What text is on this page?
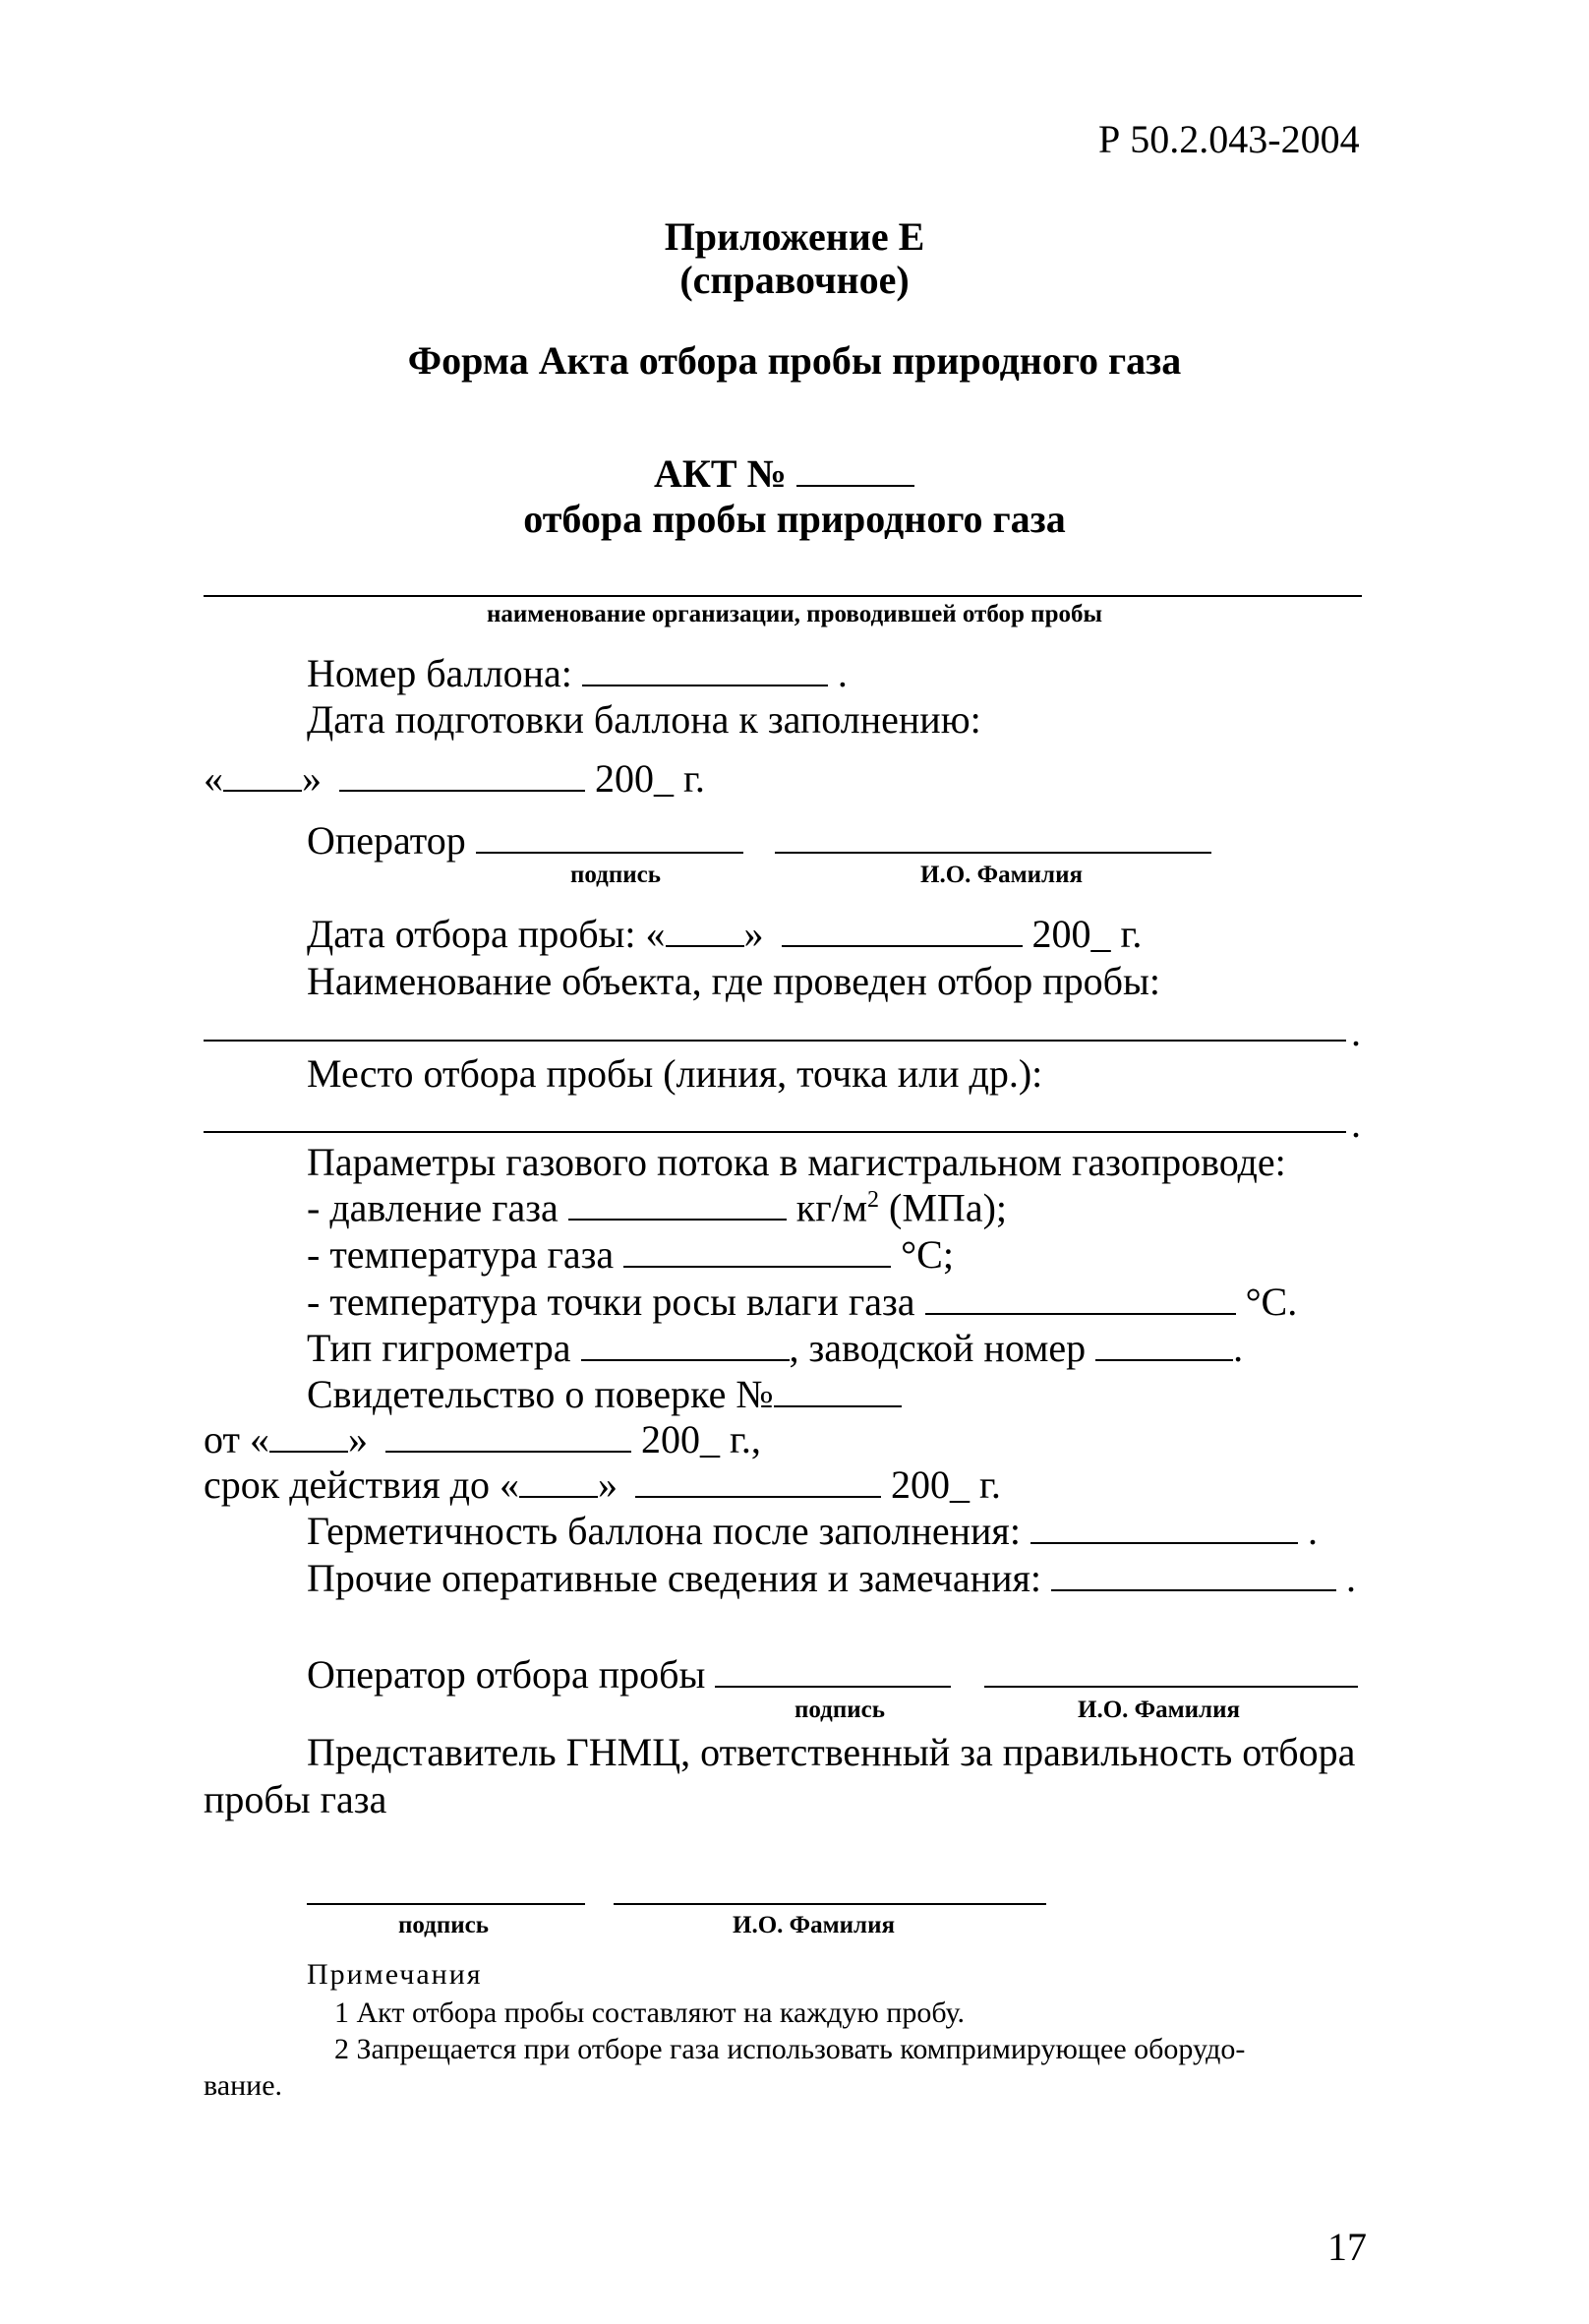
Р 50.2.043-2004
Приложение Е
(справочное)
Форма Акта отбора пробы природного газа
АКТ №
отбора пробы природного газа
наименование организации, проводившей отбор пробы
Номер баллона:	.
Дата подготовки баллона к заполнению:
« »	200_ г.
Оператор
подпись	И.О. Фамилия
Дата отбора пробы: « »	200_ г.
Наименование объекта, где проведен отбор пробы:
.
Место отбора пробы (линия, точка или др.):
.
Параметры газового потока в магистральном газопроводе:
- давление газа	$кг/м^2$ (МПа);
- температура газа	°С;
- температура точки росы влаги газа	°С.
Тип гигрометра	, заводской номер	.
Свидетельство о поверке №
от « »	200_ г.,
срок действия до « »	200_ г.
Герметичность баллона после заполнения:	.
Прочие оперативные сведения и замечания:	.
Оператор отбора пробы
подпись	И.О. Фамилия
Представитель ГНМЦ, ответственный за правильность отбора
пробы газа
подпись	И.О. Фамилия
Примечания
1 Акт отбора пробы составляют на каждую пробу.
2 Запрещается при отборе газа использовать компримирующее оборудо-
вание.
17
